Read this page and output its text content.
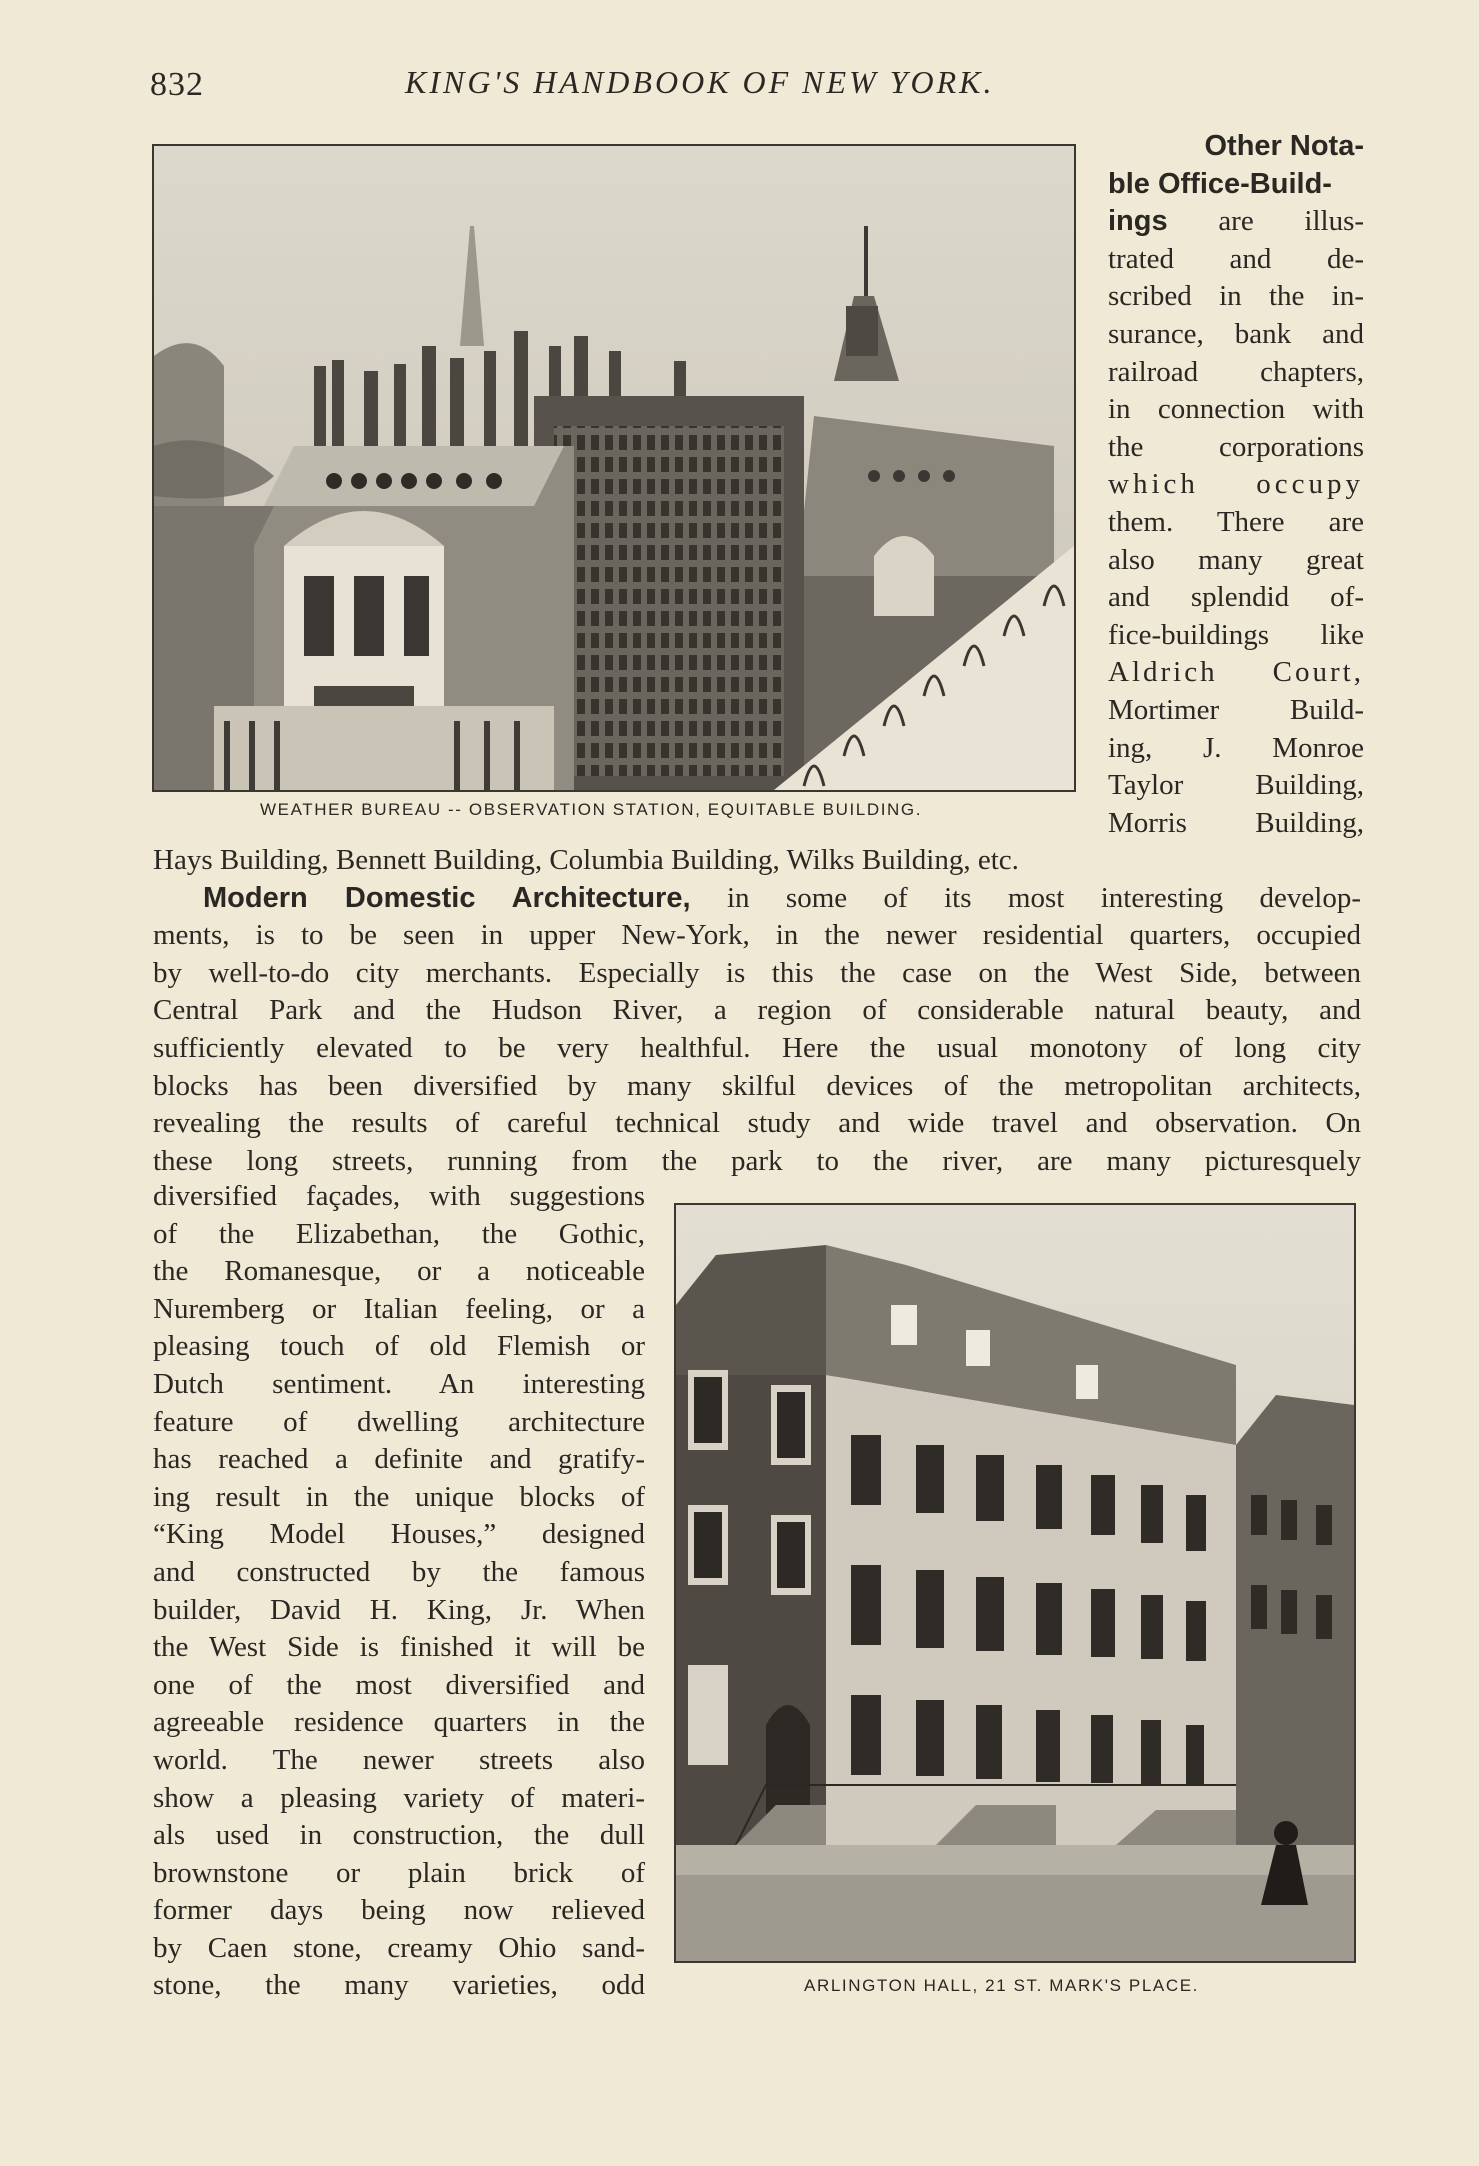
832	KING'S HANDBOOK OF NEW YORK.
WEATHER BUREAU -- OBSERVATION STATION, EQUITABLE BUILDING.
Other Nota-
ble Office-Build-
ings are illus-
trated and de-
scribed in the in-
surance, bank and
railroad chapters,
in connection with
the corporations
which occupy
them. There are
also many great
and splendid of-
fice-buildings like
Aldrich Court,
Mortimer Build-
ing, J. Monroe
Taylor Building,
Morris Building,
Hays Building, Bennett Building, Columbia Building, Wilks Building, etc.
Modern Domestic Architecture, in some of its most interesting develop-
ments, is to be seen in upper New-York, in the newer residential quarters, occupied
by well-to-do city merchants. Especially is this the case on the West Side, between
Central Park and the Hudson River, a region of considerable natural beauty, and
sufficiently elevated to be very healthful. Here the usual monotony of long city
blocks has been diversified by many skilful devices of the metropolitan architects,
revealing the results of careful technical study and wide travel and observation. On
these long streets, running from the park to the river, are many picturesquely
diversified façades, with suggestions
of the Elizabethan, the Gothic,
the Romanesque, or a noticeable
Nuremberg or Italian feeling, or a
pleasing touch of old Flemish or
Dutch sentiment. An interesting
feature of dwelling architecture
has reached a definite and gratify-
ing result in the unique blocks of
“King Model Houses,” designed
and constructed by the famous
builder, David H. King, Jr. When
the West Side is finished it will be
one of the most diversified and
agreeable residence quarters in the
world. The newer streets also
show a pleasing variety of materi-
als used in construction, the dull
brownstone or plain brick of
former days being now relieved
by Caen stone, creamy Ohio sand-
stone, the many varieties, odd	ARLINGTON HALL, 21 ST. MARK'S PLACE.
